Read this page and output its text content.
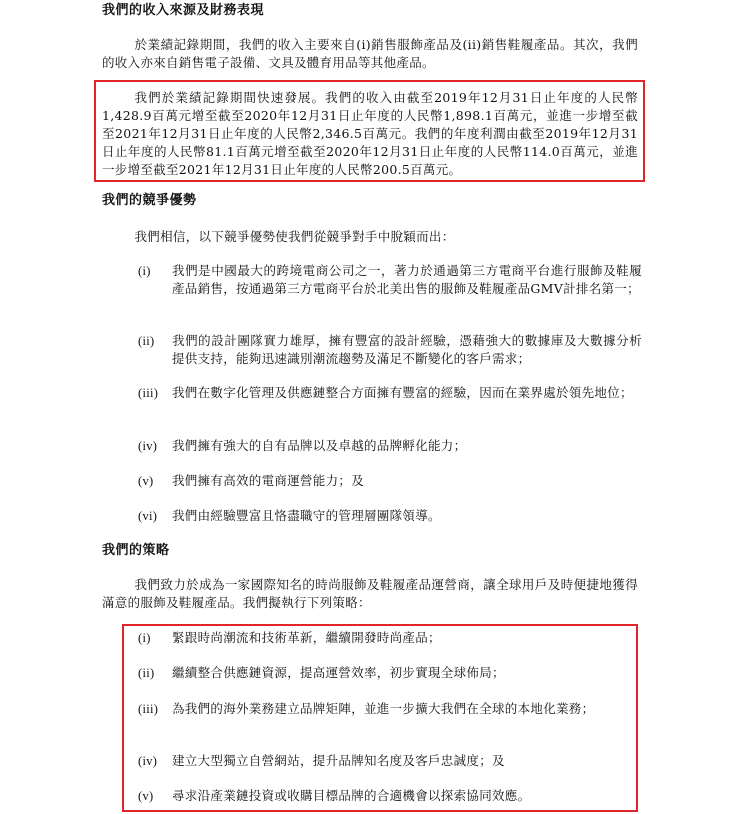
我們的收入來源及財務表現

於業績記錄期間，我們的收入主要來自(i)銷售服飾產品及(ii)銷售鞋履產品。其次，我們的收入亦來自銷售電子設備、文具及體育用品等其他產品。

我們於業績記錄期間快速發展。我們的收入由截至2019年12月31日止年度的人民幣1,428.9百萬元增至截至2020年12月31日止年度的人民幣1,898.1百萬元，並進一步增至截至2021年12月31日止年度的人民幣2,346.5百萬元。我們的年度利潤由截至2019年12月31日止年度的人民幣81.1百萬元增至截至2020年12月31日止年度的人民幣114.0百萬元，並進一步增至截至2021年12月31日止年度的人民幣200.5百萬元。

我們的競爭優勢

我們相信，以下競爭優勢使我們從競爭對手中脫穎而出：

(i) 我們是中國最大的跨境電商公司之一，著力於通過第三方電商平台進行服飾及鞋履產品銷售，按通過第三方電商平台於北美出售的服飾及鞋履產品GMV計排名第一；
(ii) 我們的設計團隊實力雄厚，擁有豐富的設計經驗，憑藉強大的數據庫及大數據分析提供支持，能夠迅速識別潮流趨勢及滿足不斷變化的客戶需求；
(iii) 我們在數字化管理及供應鏈整合方面擁有豐富的經驗，因而在業界處於領先地位；
(iv) 我們擁有強大的自有品牌以及卓越的品牌孵化能力；
(v) 我們擁有高效的電商運營能力；及
(vi) 我們由經驗豐富且恪盡職守的管理層團隊領導。
我們的策略

我們致力於成為一家國際知名的時尚服飾及鞋履產品運營商，讓全球用戶及時便捷地獲得滿意的服飾及鞋履產品。我們擬執行下列策略：

(i) 緊跟時尚潮流和技術革新，繼續開發時尚產品；
(ii) 繼續整合供應鏈資源，提高運營效率，初步實現全球佈局；
(iii) 為我們的海外業務建立品牌矩陣，並進一步擴大我們在全球的本地化業務；
(iv) 建立大型獨立自營網站，提升品牌知名度及客戶忠誠度；及
(v) 尋求沿產業鏈投資或收購目標品牌的合適機會以探索協同效應。
